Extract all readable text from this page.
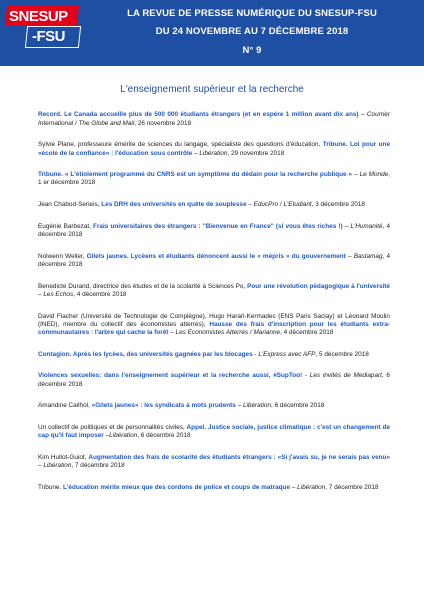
SNESUP
-FSU
LA REVUE DE PRESSE NUMÉRIQUE DU SNESUP-FSU
DU 24 NOVEMBRE AU 7 DÉCEMBRE 2018
N° 9
L'enseignement supérieur et la recherche

Record. Le Canada accueille plus de 500 000 étudiants étrangers (et en espère 1 million avant dix ans) – Courrier International / The Globe and Mail, 26 novembre 2018

Sylvie Plane, professeure émérite de sciences du langage, spécialiste des questions d'éducation, Tribune. Loi pour une «école de la confiance» : l'éducation sous contrôle – Libération, 29 novembre 2018

Tribune. « L'étiolement programmé du CNRS est un symptôme du dédain pour la recherche publique » – Le Monde, 1 er décembre 2018

Jean Chabod-Serieis, Les DRH des universités en quête de souplesse – EducPro / L'Etudiant, 3 décembre 2018

Eugénie Barbezat, Frais universitaires des étrangers : "Bienvenue en France" (si vous êtes riches !) – L'Humanité, 4 décembre 2018

Nolwenn Weiler, Gilets jaunes. Lycéens et étudiants dénoncent aussi le « mépris » du gouvernement – Bastamag, 4 décembre 2018

Benedicte Durand, directrice des études et de la scolarité à Sciences Po, Pour une révolution pédagogique à l'université – Les Echos, 4 décembre 2018

David Flacher (Université de Technologie de Compiègne), Hugo Harari-Kermadec (ENS Paris Saclay) et Léonard Moulin (INED), membre du collectif des économistes atterrés), Hausse des frais d'inscription pour les étudiants extra-communautaires : l'arbre qui cache la forêt – Les Economistes Atterrés / Marianne, 4 décembre 2018

Contagion. Après les lycées, des universités gagnées par les blocages - L'Express avec AFP, 5 décembre 2018

Violences sexuelles: dans l'enseignement supérieur et la recherche aussi, #SupToo! - Les invités de Mediapart, 6 décembre 2018

Amandine Cailhol, «Gilets jaunes» : les syndicats à mots prudents – Libération, 6 décembre 2018

Un collectif de politiques et de personnalités civiles, Appel. Justice sociale, justice climatique : c'est un changement de cap qu'il faut imposer –Libération, 6 décembre 2018

Kim Hullot-Guiot, Augmentation des frais de scolarité des étudiants étrangers : «Si j'avais su, je ne serais pas venu» – Libération, 7 décembre 2018

Tribune. L'éducation mérite mieux que des cordons de police et coups de matraque – Libération, 7 décembre 2018
